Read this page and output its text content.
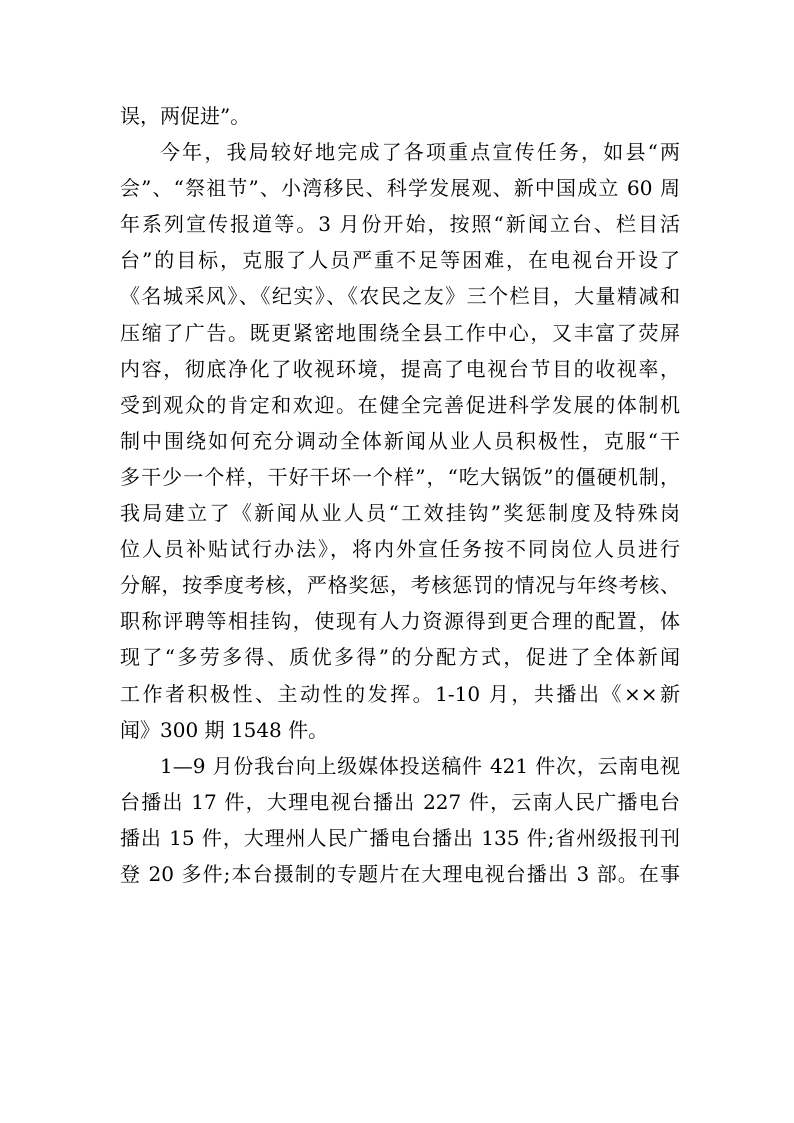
误，两促进”。
今年，我局较好地完成了各项重点宣传任务，如县“两
会”、“祭祖节”、小湾移民、科学发展观、新中国成立 60 周
年系列宣传报道等。3 月份开始，按照“新闻立台、栏目活
台”的目标，克服了人员严重不足等困难，在电视台开设了
《名城采风》、《纪实》、《农民之友》三个栏目，大量精减和
压缩了广告。既更紧密地围绕全县工作中心，又丰富了荧屏
内容，彻底净化了收视环境，提高了电视台节目的收视率，
受到观众的肯定和欢迎。在健全完善促进科学发展的体制机
制中围绕如何充分调动全体新闻从业人员积极性，克服“干
多干少一个样，干好干坏一个样”，“吃大锅饭”的僵硬机制，
我局建立了《新闻从业人员“工效挂钩”奖惩制度及特殊岗
位人员补贴试行办法》，将内外宣任务按不同岗位人员进行
分解，按季度考核，严格奖惩，考核惩罚的情况与年终考核、
职称评聘等相挂钩，使现有人力资源得到更合理的配置，体
现了“多劳多得、质优多得”的分配方式，促进了全体新闻
工作者积极性、主动性的发挥。1-10 月，共播出《××新
闻》300 期 1548 件。
1—9 月份我台向上级媒体投送稿件 421 件次，云南电视
台播出 17 件，大理电视台播出 227 件，云南人民广播电台
播出 15 件，大理州人民广播电台播出 135 件;省州级报刊刊
登 20 多件;本台摄制的专题片在大理电视台播出 3 部。在事
